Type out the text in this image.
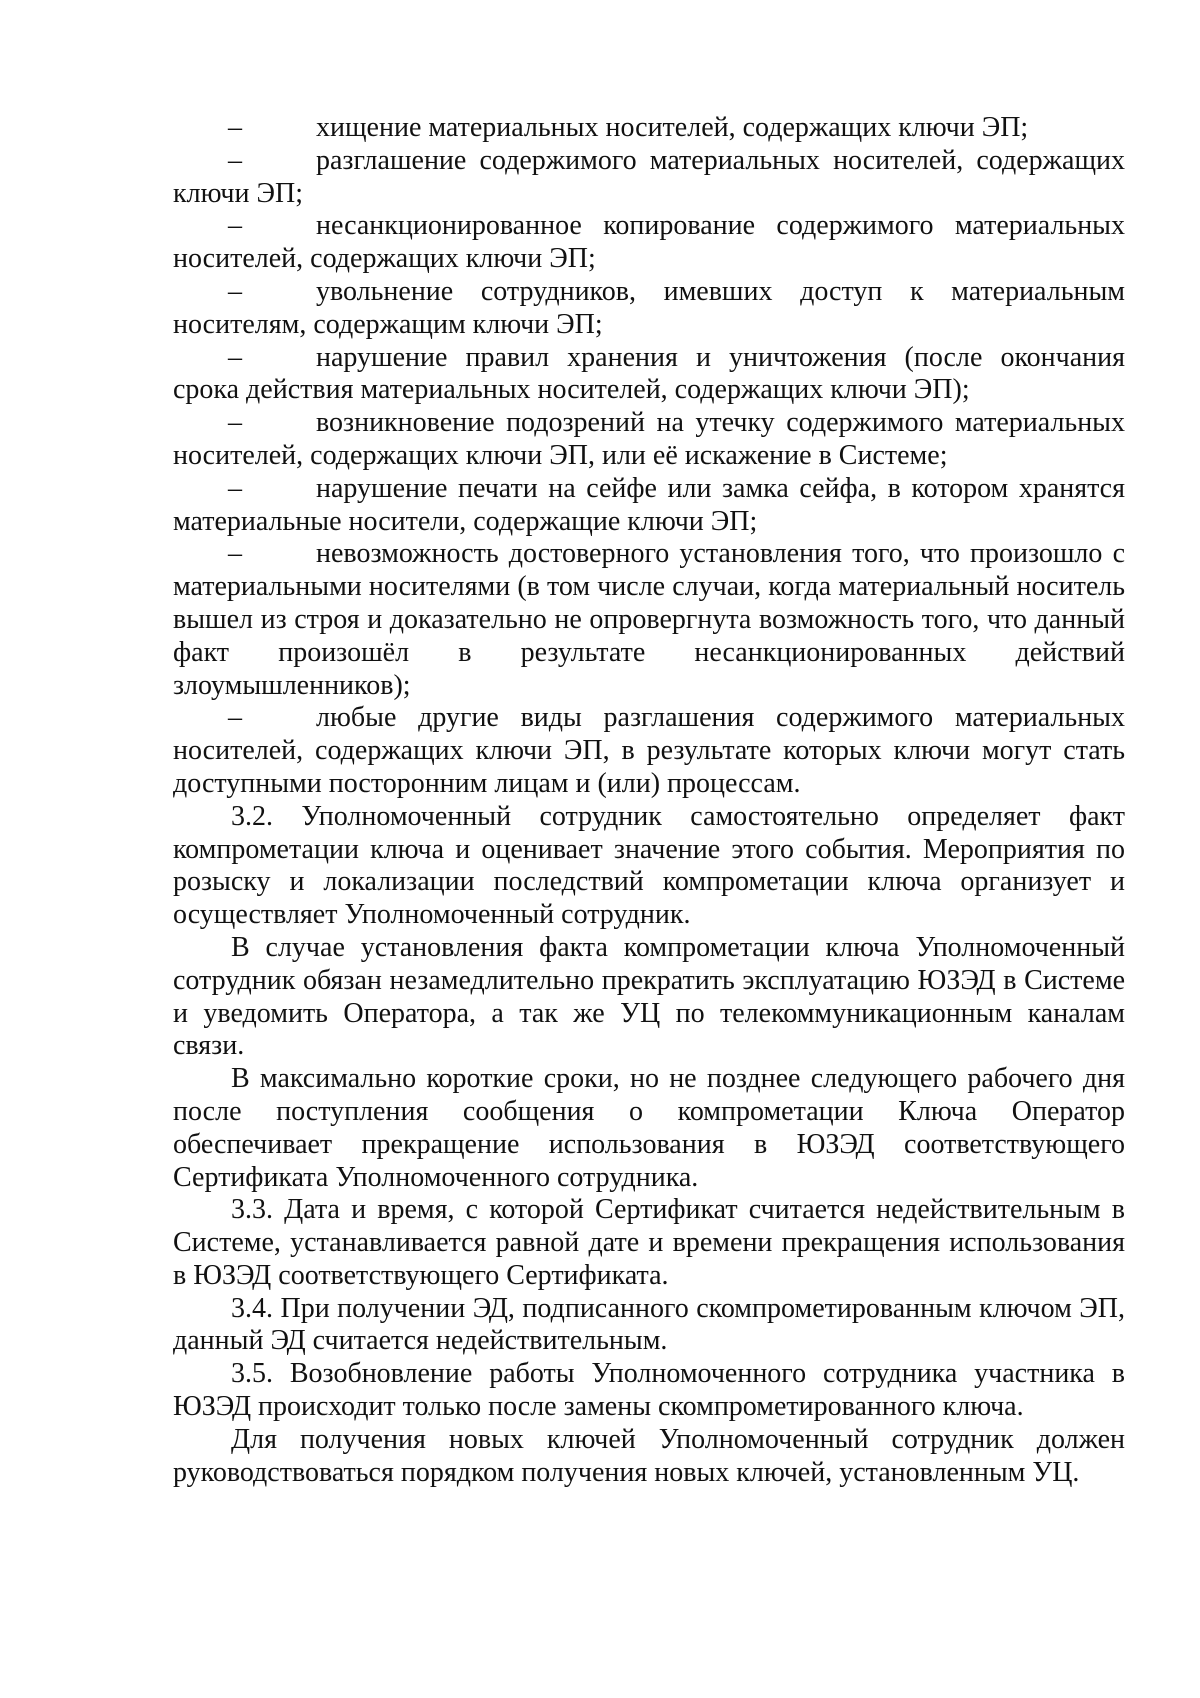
–	хищение материальных носителей, содержащих ключи ЭП;

–	разглашение содержимого материальных носителей, содержащих ключи ЭП;

–	несанкционированное копирование содержимого материальных носителей, содержащих ключи ЭП;

–	увольнение сотрудников, имевших доступ к материальным носителям, содержащим ключи ЭП;

–	нарушение правил хранения и уничтожения (после окончания срока действия материальных носителей, содержащих ключи ЭП);

–	возникновение подозрений на утечку содержимого материальных носителей, содержащих ключи ЭП, или её искажение в Системе;

–	нарушение печати на сейфе или замка сейфа, в котором хранятся материальные носители, содержащие ключи ЭП;

–	невозможность достоверного установления того, что произошло с материальными носителями (в том числе случаи, когда материальный носитель вышел из строя и доказательно не опровергнута возможность того, что данный факт произошёл в результате несанкционированных действий злоумышленников);

–	любые другие виды разглашения содержимого материальных носителей, содержащих ключи ЭП, в результате которых ключи могут стать доступными посторонним лицам и (или) процессам.

3.2. Уполномоченный сотрудник самостоятельно определяет факт компрометации ключа и оценивает значение этого события. Мероприятия по розыску и локализации последствий компрометации ключа организует и осуществляет Уполномоченный сотрудник.

В случае установления факта компрометации ключа Уполномоченный сотрудник обязан незамедлительно прекратить эксплуатацию ЮЗЭД в Системе и уведомить Оператора, а так же УЦ по телекоммуникационным каналам связи.

В максимально короткие сроки, но не позднее следующего рабочего дня после поступления сообщения о компрометации Ключа Оператор обеспечивает прекращение использования в ЮЗЭД соответствующего Сертификата Уполномоченного сотрудника.

3.3. Дата и время, с которой Сертификат считается недействительным в Системе, устанавливается равной дате и времени прекращения использования в ЮЗЭД соответствующего Сертификата.

3.4. При получении ЭД, подписанного скомпрометированным ключом ЭП, данный ЭД считается недействительным.

3.5. Возобновление работы Уполномоченного сотрудника участника в ЮЗЭД происходит только после замены скомпрометированного ключа.

Для получения новых ключей Уполномоченный сотрудник должен руководствоваться порядком получения новых ключей, установленным УЦ.
